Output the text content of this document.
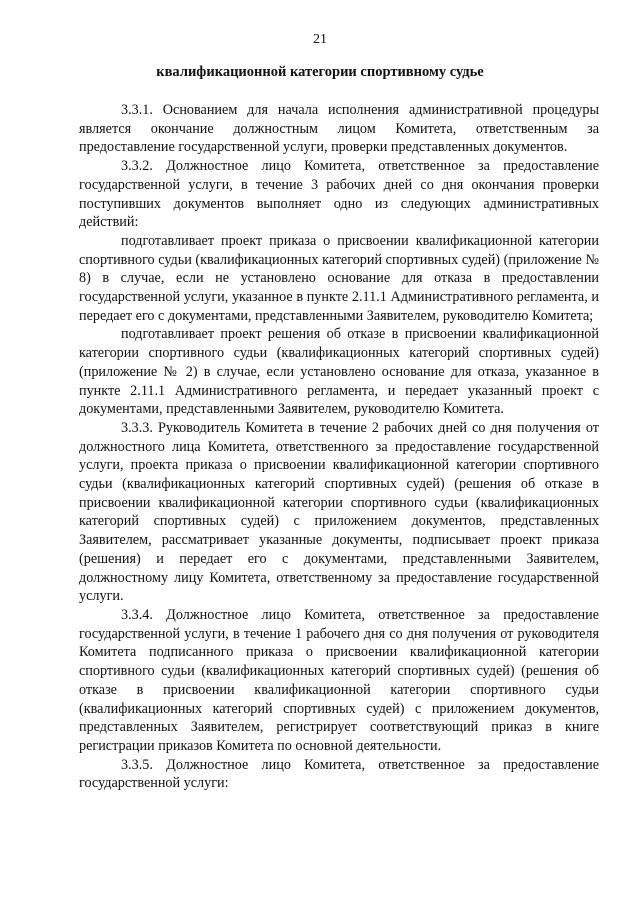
21
квалификационной категории спортивному судье

3.3.1. Основанием для начала исполнения административной процедуры является окончание должностным лицом Комитета, ответственным за предоставление государственной услуги, проверки представленных документов.

3.3.2. Должностное лицо Комитета, ответственное за предоставление государственной услуги, в течение 3 рабочих дней со дня окончания проверки поступивших документов выполняет одно из следующих административных действий:

подготавливает проект приказа о присвоении квалификационной категории спортивного судьи (квалификационных категорий спортивных судей) (приложение № 8) в случае, если не установлено основание для отказа в предоставлении государственной услуги, указанное в пункте 2.11.1 Административного регламента, и передает его с документами, представленными Заявителем, руководителю Комитета;

подготавливает проект решения об отказе в присвоении квалификационной категории спортивного судьи (квалификационных категорий спортивных судей) (приложение № 2) в случае, если установлено основание для отказа, указанное в пункте 2.11.1 Административного регламента, и передает указанный проект с документами, представленными Заявителем, руководителю Комитета.

3.3.3. Руководитель Комитета в течение 2 рабочих дней со дня получения от должностного лица Комитета, ответственного за предоставление государственной услуги, проекта приказа о присвоении квалификационной категории спортивного судьи (квалификационных категорий спортивных судей) (решения об отказе в присвоении квалификационной категории спортивного судьи (квалификационных категорий спортивных судей) с приложением документов, представленных Заявителем, рассматривает указанные документы, подписывает проект приказа (решения) и передает его с документами, представленными Заявителем, должностному лицу Комитета, ответственному за предоставление государственной услуги.

3.3.4. Должностное лицо Комитета, ответственное за предоставление государственной услуги, в течение 1 рабочего дня со дня получения от руководителя Комитета подписанного приказа о присвоении квалификационной категории спортивного судьи (квалификационных категорий спортивных судей) (решения об отказе в присвоении квалификационной категории спортивного судьи (квалификационных категорий спортивных судей) с приложением документов, представленных Заявителем, регистрирует соответствующий приказ в книге регистрации приказов Комитета по основной деятельности.

3.3.5. Должностное лицо Комитета, ответственное за предоставление государственной услуги:
